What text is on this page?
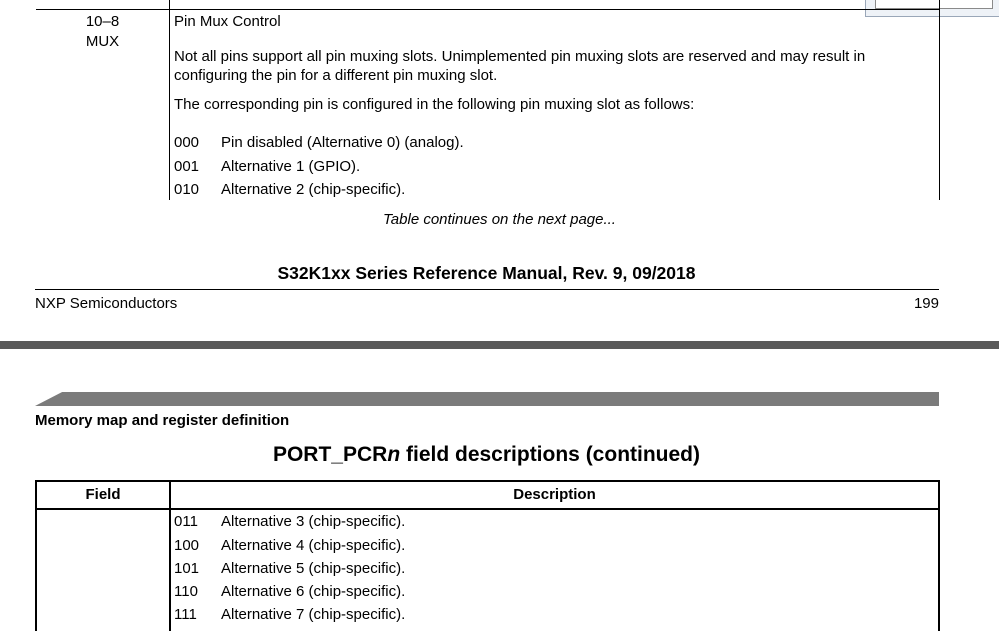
10–8
MUX
Pin Mux Control
Not all pins support all pin muxing slots. Unimplemented pin muxing slots are reserved and may result in configuring the pin for a different pin muxing slot.
The corresponding pin is configured in the following pin muxing slot as follows:
000 Pin disabled (Alternative 0) (analog).
001 Alternative 1 (GPIO).
010 Alternative 2 (chip-specific).
Table continues on the next page...
S32K1xx Series Reference Manual, Rev. 9, 09/2018
NXP Semiconductors	199
Memory map and register definition
PORT_PCRn field descriptions (continued)
Field	Description
011 Alternative 3 (chip-specific).
100 Alternative 4 (chip-specific).
101 Alternative 5 (chip-specific).
110 Alternative 6 (chip-specific).
111 Alternative 7 (chip-specific).
